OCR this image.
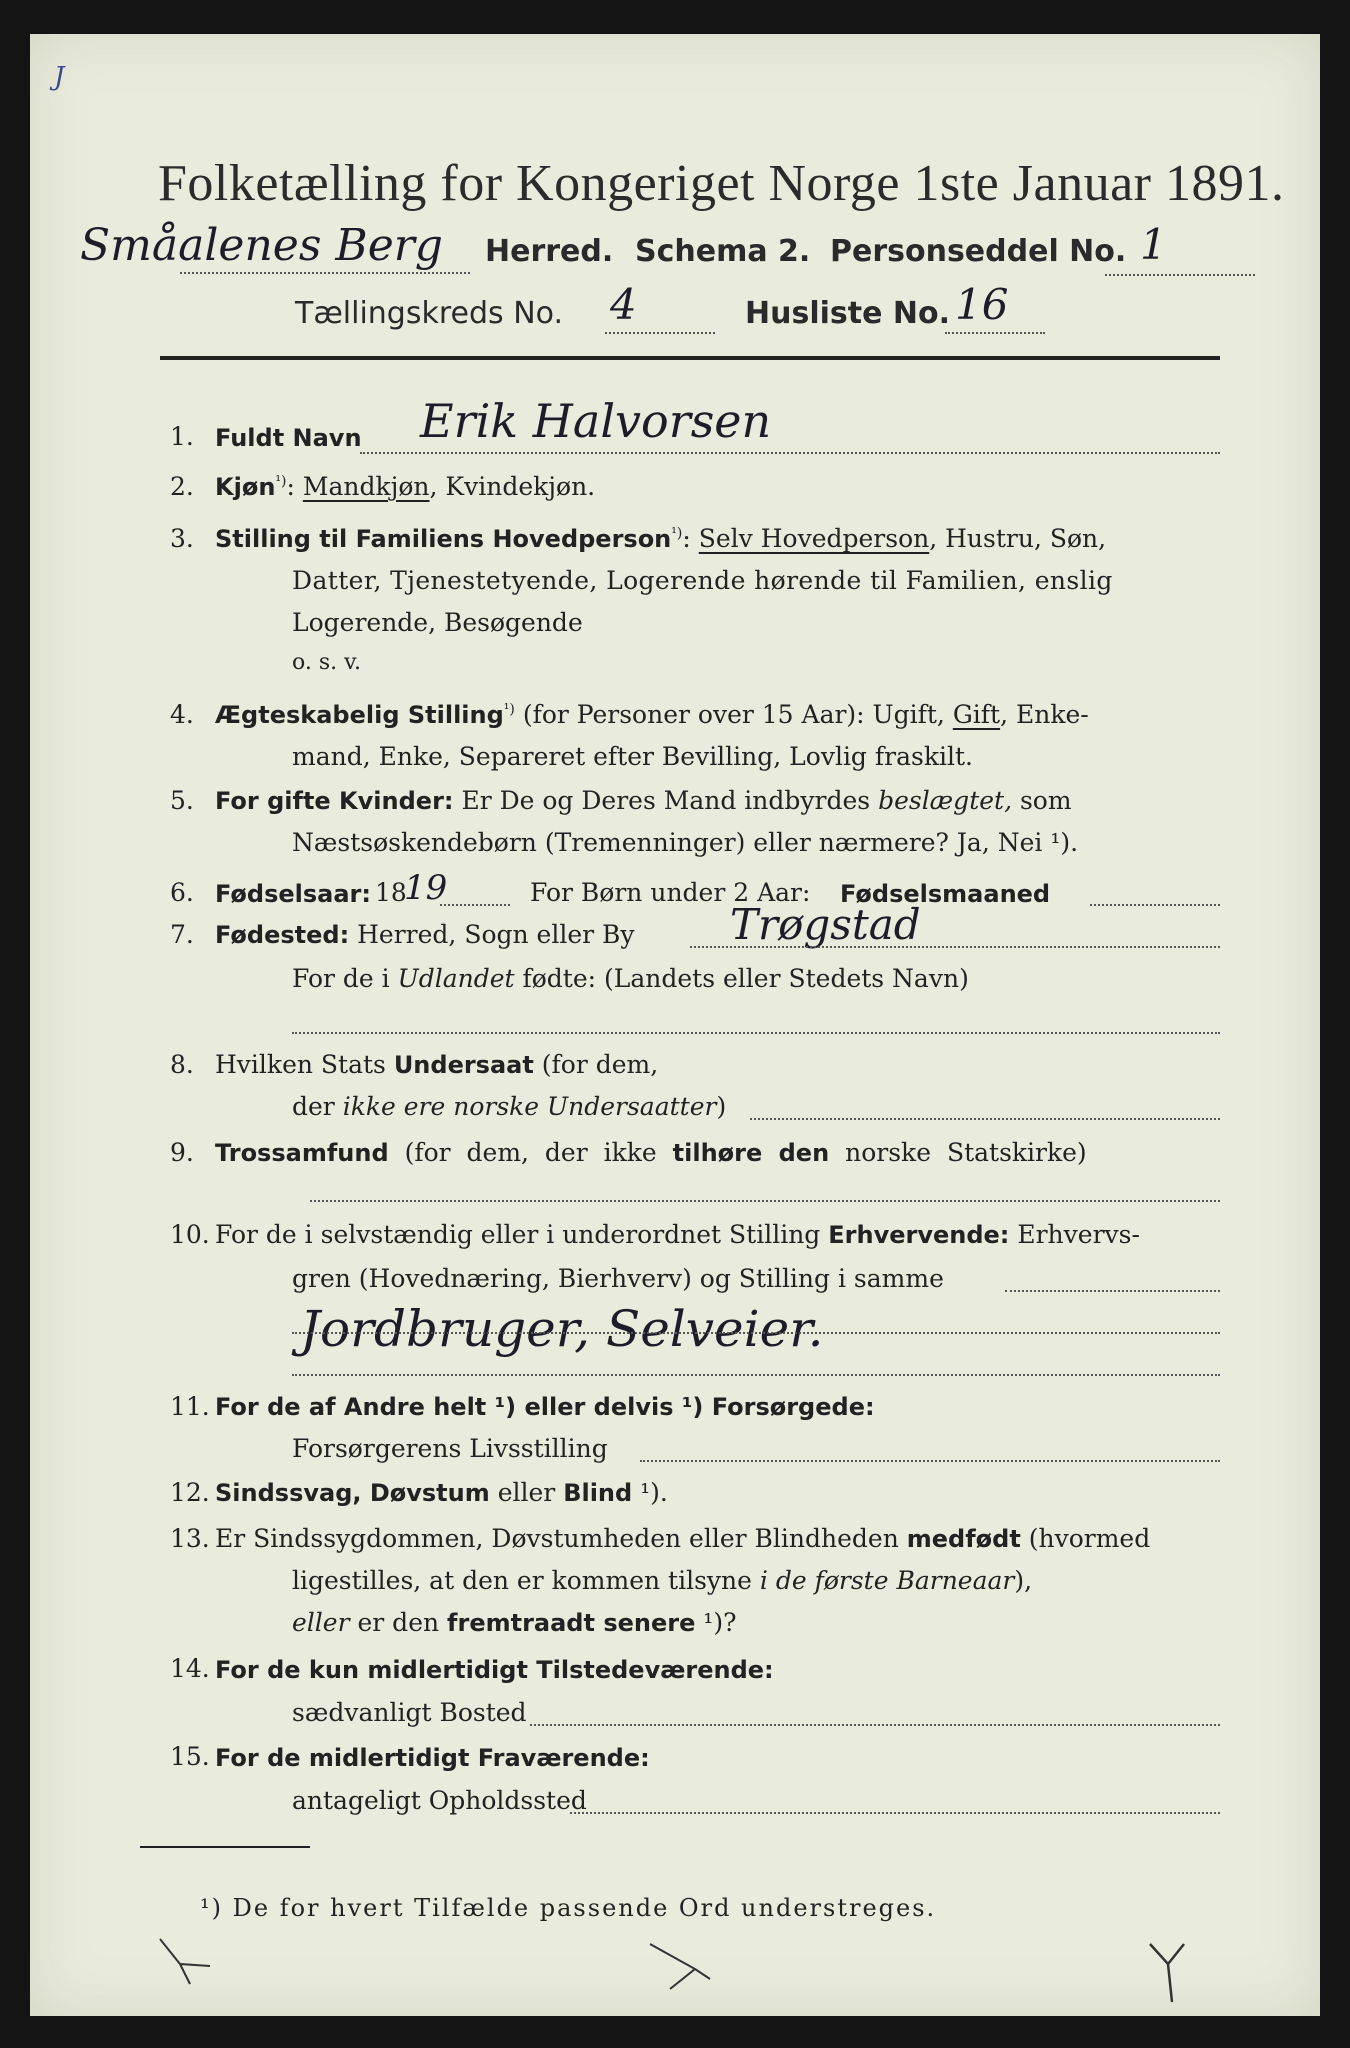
J
Folketælling for Kongeriget Norge 1ste Januar 1891.
Småalenes Berg Herred. Schema 2. Personseddel No. 1
Tællingskreds No. 4	Husliste No. 16
1. Fuldt Navn Erik Halvorsen
2. Kjøn$^{^1)}$: Mandkjøn, Kvindekjøn.
3. Stilling til Familiens Hovedperson$^{^1)}$: Selv Hovedperson, Hustru, Søn,
Datter, Tjenestetyende, Logerende hørende til Familien, enslig
Logerende, Besøgende
o. s. v.
4. Ægteskabelig Stilling$^{^1)}$ (for Personer over 15 Aar): Ugift, Gift, Enke-
mand, Enke, Separeret efter Bevilling, Lovlig fraskilt.
5. For gifte Kvinder: Er De og Deres Mand indbyrdes beslægtet, som
Næstsøskendebørn (Tremenninger) eller nærmere? Ja, Nei ¹).
6. Fødselsaar: 18
19	For Børn under 2 Aar: Fødselsmaaned
7. Fødested: Herred, Sogn eller By Trøgstad
For de i Udlandet fødte: (Landets eller Stedets Navn)
8. Hvilken Stats Undersaat (for dem,
der ikke ere norske Undersaatter)
9. Trossamfund (for dem, der ikke tilhøre den norske Statskirke)
10. For de i selvstændig eller i underordnet Stilling Erhvervende: Erhvervs-
gren (Hovednæring, Bierhverv) og Stilling i samme
Jordbruger, Selveier.
11. For de af Andre helt ¹) eller delvis ¹) Forsørgede:
Forsørgerens Livsstilling
12. Sindssvag, Døvstum eller Blind ¹).
13. Er Sindssygdommen, Døvstumheden eller Blindheden medfødt (hvormed
ligestilles, at den er kommen tilsyne i de første Barneaar),
eller er den fremtraadt senere ¹)?
14. For de kun midlertidigt Tilstedeværende:
sædvanligt Bosted
15. For de midlertidigt Fraværende:
antageligt Opholdssted
¹) De for hvert Tilfælde passende Ord understreges.
